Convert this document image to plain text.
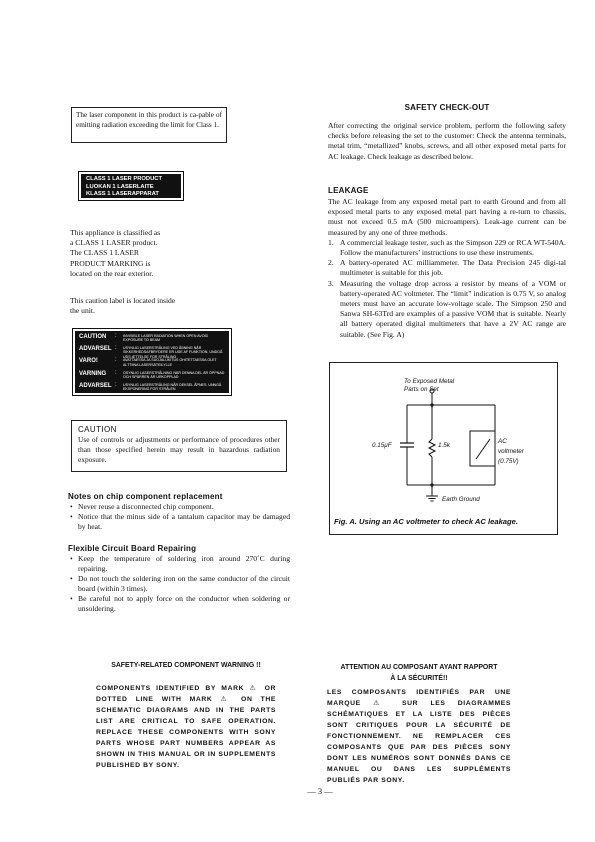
The laser component in this product is ca-pable of emitting radiation exceeding the limit for Class 1.

CLASS 1 LASER PRODUCT
LUOKAN 1 LASERLAITE
KLASS 1 LASERAPPARAT
This appliance is classified as
a CLASS 1 LASER product.
The CLASS 1 LASER
PRODUCT MARKING is
located on the rear exterior.
This caution label is located inside
the unit.
CAUTION	:	INVISIBLE LASER RADIATION WHEN OPEN AVOID EXPOSURE TO BEAM
ADVARSEL :	USYNLIG LASERSTRÅLING VED ÅBNING NÅR SIKKERHEDSAFBRYDERE ER UDE AF FUNKTION. UNDGÅ UDS ÆTTELSE FOR STRÅLING
VARO!	:	AVATTAESSA JA SUOJALUKITUS OHITETTAESSA OLET ALTTIINA LASERSÄTEILYLLE
VARNING	:	OSYNLIG LASERSTRÅLNING NÄR DENNA DEL ÄR ÖPPNAD OCH SPÄRREN ÄR URKOPPLAD
ADVARSEL :	USYNLIG LASERSTRÅLING NÅR DEKSEL ÅPNES. UNNGÅ EKSPONERING FOR STRÅLEN
CAUTION

Use of controls or adjustments or performance of procedures other than those specified herein may result in hazardous radiation exposure.

Notes on chip component replacement
• Never reuse a disconnected chip component.
• Notice that the minus side of a tantalum capacitor may be damaged by heat.
Flexible Circuit Board Repairing
• Keep the temperature of soldering iron around 270˚C during repairing.
• Do not touch the soldering iron on the same conductor of the circuit board (within 3 times).
• Be careful not to apply force on the conductor when soldering or unsoldering.
SAFETY CHECK-OUT

After correcting the original service problem, perform the following safety checks before releasing the set to the customer: Check the antenna terminals, metal trim, “metallized” knobs, screws, and all other exposed metal parts for AC leakage. Check leakage as described below.

LEAKAGE

The AC leakage from any exposed metal part to earth Ground and from all exposed metal parts to any exposed metal part having a re-turn to chassis, must not exceed 0.5 mA (500 microampers). Leak-age current can be measured by any one of three methods.

1. A commercial leakage tester, such as the Simpson 229 or RCA WT-540A. Follow the manufacturers’ instructions to use these instruments.
2. A battery-operated AC milliammeter. The Data Precision 245 digi-tal multimeter is suitable for this job.
3. Measuring the voltage drop across a resistor by means of a VOM or battery-operated AC voltmeter. The “limit” indication is 0.75 V, so analog meters must have an accurate low-voltage scale. The Simpson 250 and Sanwa SH-63Trd are examples of a passive VOM that is suitable. Nearly all battery operated digital multimeters that have a 2V AC range are suitable. (See Fig. A)
To Exposed Metal Parts on Set
0.15μF	1.5k
AC voltmeter (0.75V)
Earth Ground
Fig. A. Using an AC voltmeter to check AC leakage.
SAFETY-RELATED COMPONENT WARNING !!
COMPONENTS IDENTIFIED BY MARK ⚠ OR DOTTED LINE WITH MARK ⚠ ON THE SCHEMATIC DIAGRAMS AND IN THE PARTS LIST ARE CRITICAL TO SAFE OPERATION. REPLACE THESE COMPONENTS WITH SONY PARTS WHOSE PART NUMBERS APPEAR AS SHOWN IN THIS MANUAL OR IN SUPPLEMENTS PUBLISHED BY SONY.
ATTENTION AU COMPOSANT AYANT RAPPORT
À LA SÉCURITÉ!!
LES COMPOSANTS IDENTIFIÉS PAR UNE MARQUE ⚠ SUR LES DIAGRAMMES SCHÉMATIQUES ET LA LISTE DES PIÈCES SONT CRITIQUES POUR LA SÉCURITÉ DE FONCTIONNEMENT. NE REMPLACER CES COMPOSANTS QUE PAR DES PIÈCES SONY DONT LES NUMÉROS SONT DONNÉS DANS CE MANUEL OU DANS LES SUPPLÉMENTS PUBLIÉS PAR SONY.
— 3 —
